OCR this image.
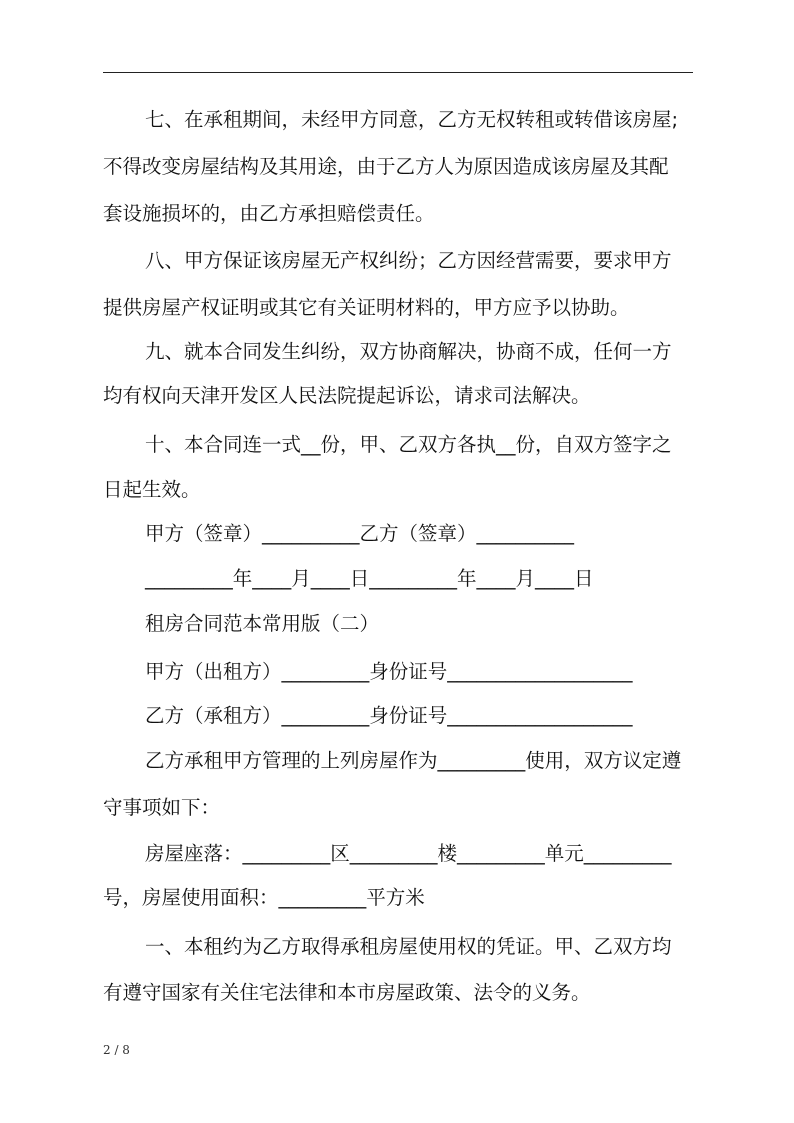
七、在承租期间，未经甲方同意，乙方无权转租或转借该房屋;
不得改变房屋结构及其用途，由于乙方人为原因造成该房屋及其配
套设施损坏的，由乙方承担赔偿责任。
八、甲方保证该房屋无产权纠纷；乙方因经营需要，要求甲方
提供房屋产权证明或其它有关证明材料的，甲方应予以协助。
九、就本合同发生纠纷，双方协商解决，协商不成，任何一方
均有权向天津开发区人民法院提起诉讼，请求司法解决。
十、本合同连一式__份，甲、乙双方各执__份，自双方签字之
日起生效。
甲方（签章）__________乙方（签章）__________
_________年____月____日_________年____月____日
租房合同范本常用版（二）
甲方（出租方）_________身份证号___________________
乙方（承租方）_________身份证号___________________
乙方承租甲方管理的上列房屋作为_________使用，双方议定遵
守事项如下：
房屋座落：_________区_________楼_________单元_________
号，房屋使用面积：_________平方米
一、本租约为乙方取得承租房屋使用权的凭证。甲、乙双方均
有遵守国家有关住宅法律和本市房屋政策、法令的义务。
2 / 8
